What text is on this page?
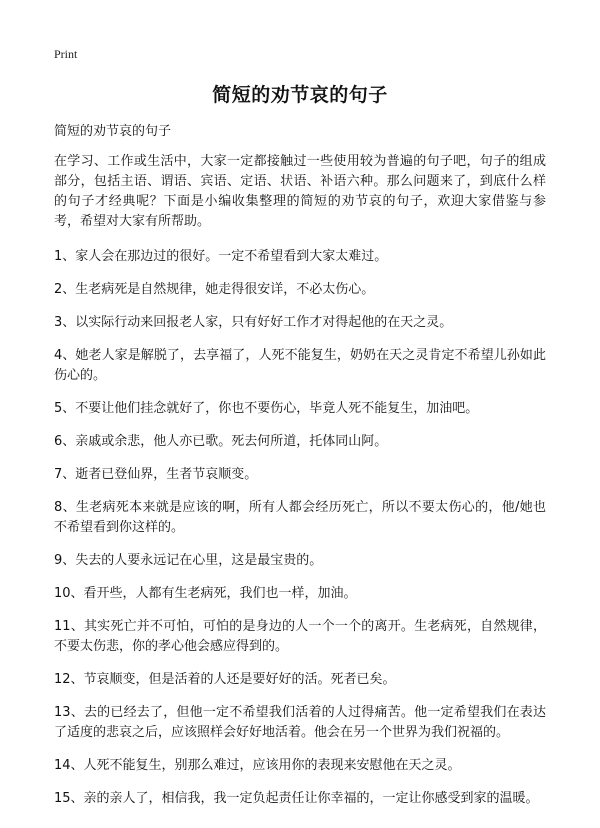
Print
简短的劝节哀的句子
简短的劝节哀的句子

在学习、工作或生活中，大家一定都接触过一些使用较为普遍的句子吧，句子的组成部分，包括主语、谓语、宾语、定语、状语、补语六种。那么问题来了，到底什么样的句子才经典呢？下面是小编收集整理的简短的劝节哀的句子，欢迎大家借鉴与参考，希望对大家有所帮助。

1、家人会在那边过的很好。一定不希望看到大家太难过。

2、生老病死是自然规律，她走得很安详，不必太伤心。

3、以实际行动来回报老人家，只有好好工作才对得起他的在天之灵。

4、她老人家是解脱了，去享福了，人死不能复生，奶奶在天之灵肯定不希望儿孙如此伤心的。

5、不要让他们挂念就好了，你也不要伤心，毕竟人死不能复生，加油吧。

6、亲戚或余悲，他人亦已歌。死去何所道，托体同山阿。

7、逝者已登仙界，生者节哀顺变。

8、生老病死本来就是应该的啊，所有人都会经历死亡，所以不要太伤心的，他/她也不希望看到你这样的。

9、失去的人要永远记在心里，这是最宝贵的。

10、看开些，人都有生老病死，我们也一样，加油。

11、其实死亡并不可怕，可怕的是身边的人一个一个的离开。生老病死，自然规律，不要太伤悲，你的孝心他会感应得到的。

12、节哀顺变，但是活着的人还是要好好的活。死者已矣。

13、去的已经去了，但他一定不希望我们活着的人过得痛苦。他一定希望我们在表达了适度的悲哀之后，应该照样会好好地活着。他会在另一个世界为我们祝福的。

14、人死不能复生，别那么难过，应该用你的表现来安慰他在天之灵。

15、亲的亲人了，相信我，我一定负起责任让你幸福的，一定让你感受到家的温暖。
